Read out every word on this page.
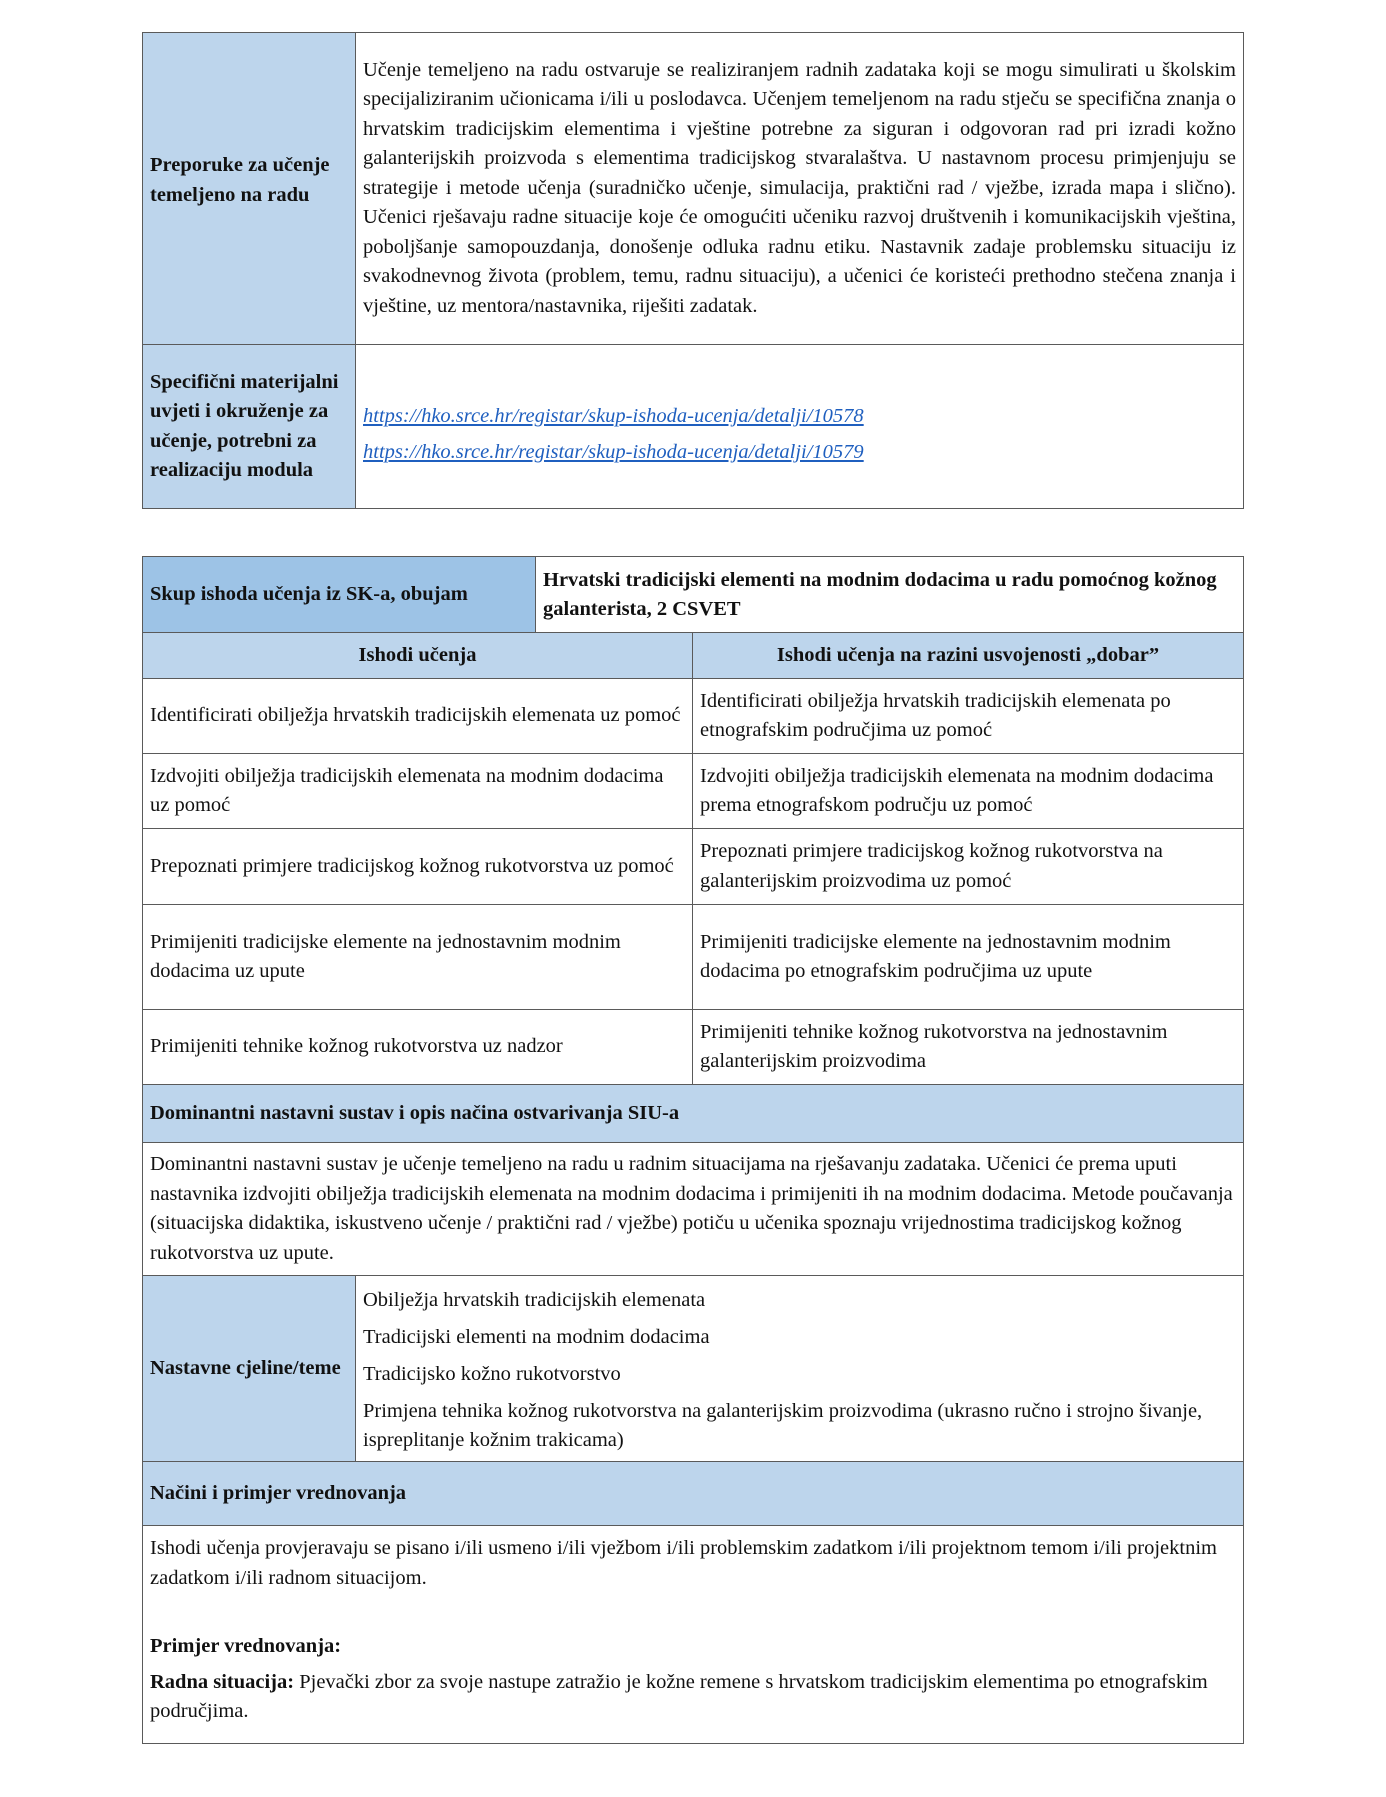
Preporuke za učenje temeljeno na radu	Učenje temeljeno na radu ostvaruje se realiziranjem radnih zadataka koji se mogu simulirati u školskim specijaliziranim učionicama i/ili u poslodavca. Učenjem temeljenom na radu stječu se specifična znanja o hrvatskim tradicijskim elementima i vještine potrebne za siguran i odgovoran rad pri izradi kožno galanterijskih proizvoda s elementima tradicijskog stvaralaštva. U nastavnom procesu primjenjuju se strategije i metode učenja (suradničko učenje, simulacija, praktični rad / vježbe, izrada mapa i slično). Učenici rješavaju radne situacije koje će omogućiti učeniku razvoj društvenih i komunikacijskih vještina, poboljšanje samopouzdanja, donošenje odluka radnu etiku. Nastavnik zadaje problemsku situaciju iz svakodnevnog života (problem, temu, radnu situaciju), a učenici će koristeći prethodno stečena znanja i vještine, uz mentora/nastavnika, riješiti zadatak.
Specifični materijalni uvjeti i okruženje za učenje, potrebni za realizaciju modula	https://hko.srce.hr/registar/skup-ishoda-ucenja/detalji/10578
https://hko.srce.hr/registar/skup-ishoda-ucenja/detalji/10579
Skup ishoda učenja iz SK-a, obujam		Hrvatski tradicijski elementi na modnim dodacima u radu pomoćnog kožnog galanterista, 2 CSVET	
Ishodi učenja			Ishodi učenja na razini usvojenosti „dobar”
Identificirati obilježja hrvatskih tradicijskih elemenata uz pomoć			Identificirati obilježja hrvatskih tradicijskih elemenata po etnografskim područjima uz pomoć
Izdvojiti obilježja tradicijskih elemenata na modnim dodacima uz pomoć			Izdvojiti obilježja tradicijskih elemenata na modnim dodacima prema etnografskom području uz pomoć
Prepoznati primjere tradicijskog kožnog rukotvorstva uz pomoć			Prepoznati primjere tradicijskog kožnog rukotvorstva na galanterijskim proizvodima uz pomoć
Primijeniti tradicijske elemente na jednostavnim modnim dodacima uz upute			Primijeniti tradicijske elemente na jednostavnim modnim dodacima po etnografskim područjima uz upute
Primijeniti tehnike kožnog rukotvorstva uz nadzor			Primijeniti tehnike kožnog rukotvorstva na jednostavnim galanterijskim proizvodima
Dominantni nastavni sustav i opis načina ostvarivanja SIU-a			
Dominantni nastavni sustav je učenje temeljeno na radu u radnim situacijama na rješavanju zadataka. Učenici će prema uputi nastavnika izdvojiti obilježja tradicijskih elemenata na modnim dodacima i primijeniti ih na modnim dodacima. Metode poučavanja (situacijska didaktika, iskustveno učenje / praktični rad / vježbe) potiču u učenika spoznaju vrijednostima tradicijskog kožnog rukotvorstva uz upute.			
Nastavne cjeline/teme	Obilježja hrvatskih tradicijskih elemenata
Tradicijski elementi na modnim dodacima
Tradicijsko kožno rukotvorstvo
Primjena tehnika kožnog rukotvorstva na galanterijskim proizvodima (ukrasno ručno i strojno šivanje, ispreplitanje kožnim trakicama)		

Načini i primjer vrednovanja			

Ishodi učenja provjeravaju se pisano i/ili usmeno i/ili vježbom i/ili problemskim zadatkom i/ili projektnom temom i/ili projektnim zadatkom i/ili radnom situacijom.
Primjer vrednovanja:
Radna situacija: Pjevački zbor za svoje nastupe zatražio je kožne remene s hrvatskom tradicijskim elementima po etnografskim područjima.			
